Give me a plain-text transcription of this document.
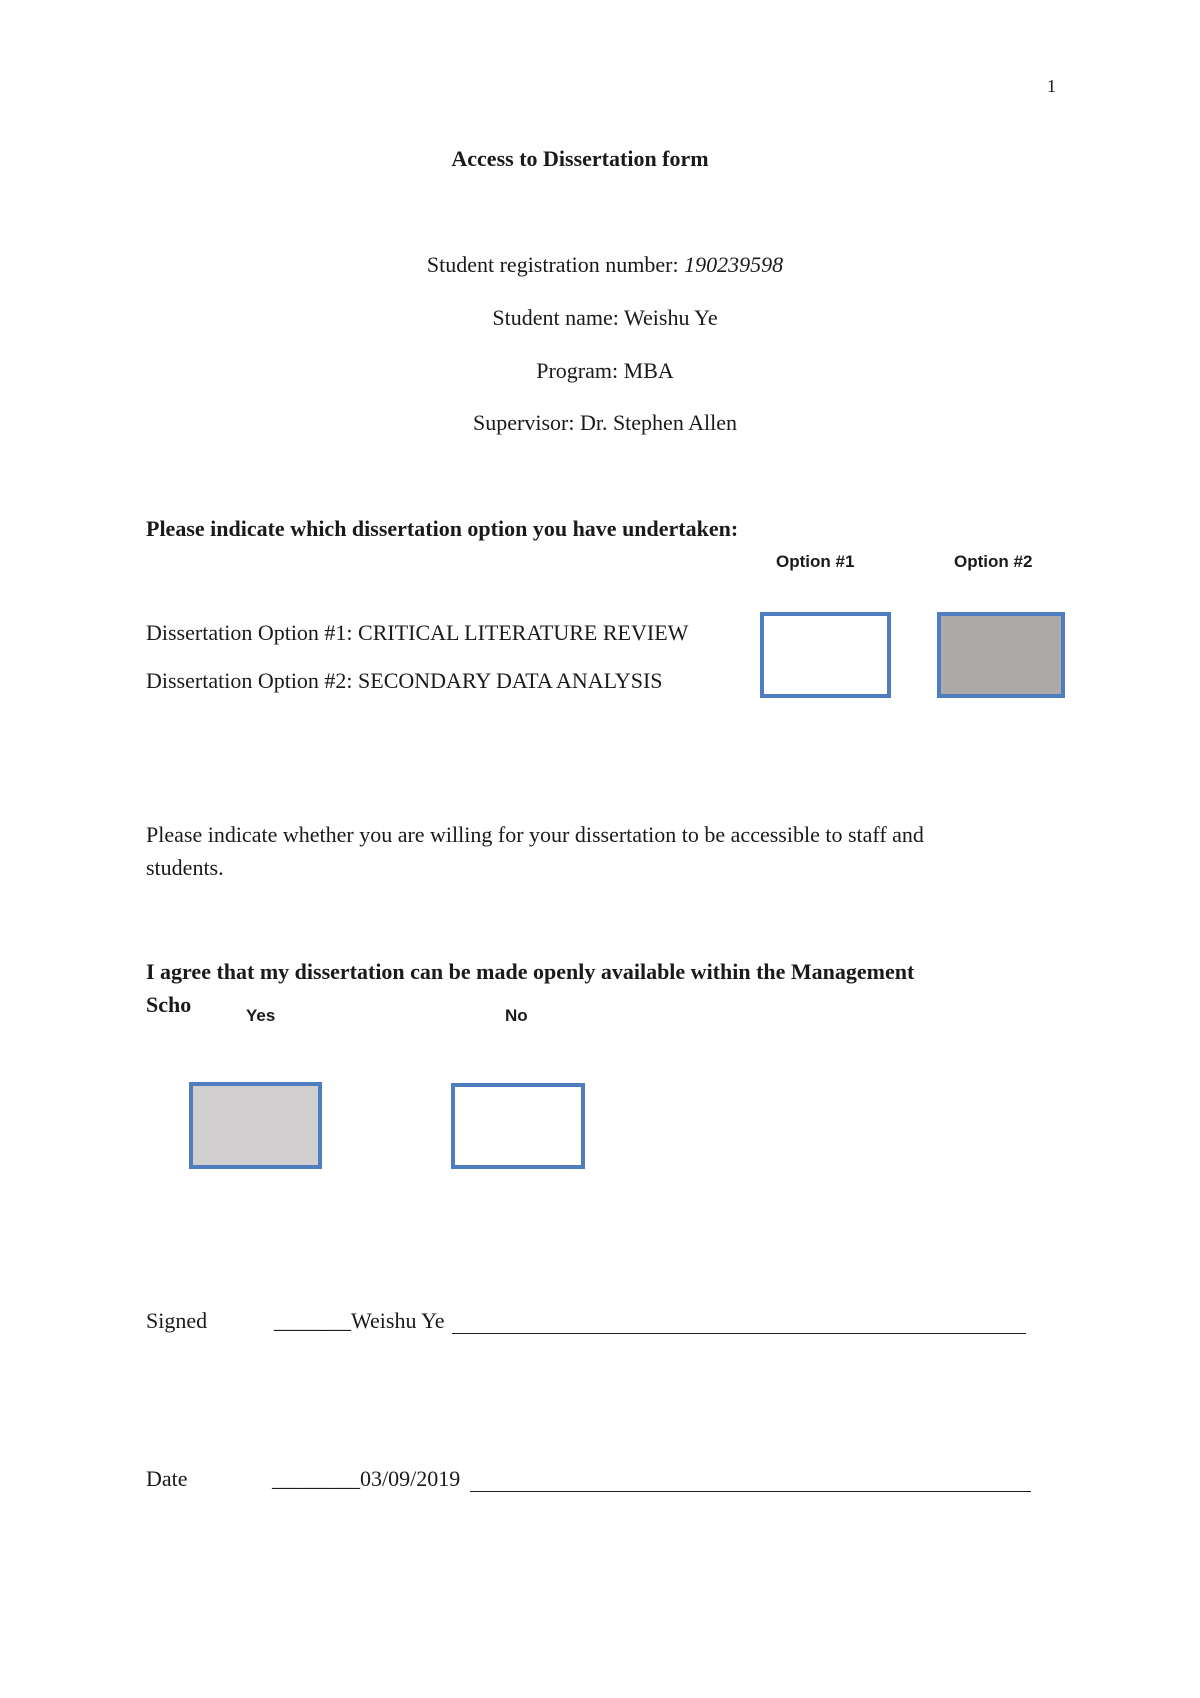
1
Access to Dissertation form
Student registration number: 190239598
Student name: Weishu Ye
Program: MBA
Supervisor: Dr. Stephen Allen
Please indicate which dissertation option you have undertaken:
Option #1	Option #2
Dissertation Option #1: CRITICAL LITERATURE REVIEW
Dissertation Option #2: SECONDARY DATA ANALYSIS
Please indicate whether you are willing for your dissertation to be accessible to staff and
students.
I agree that my dissertation can be made openly available within the Management
Scho	Yes	No
Signed	_______Weishu Ye
Date	________03/09/2019
